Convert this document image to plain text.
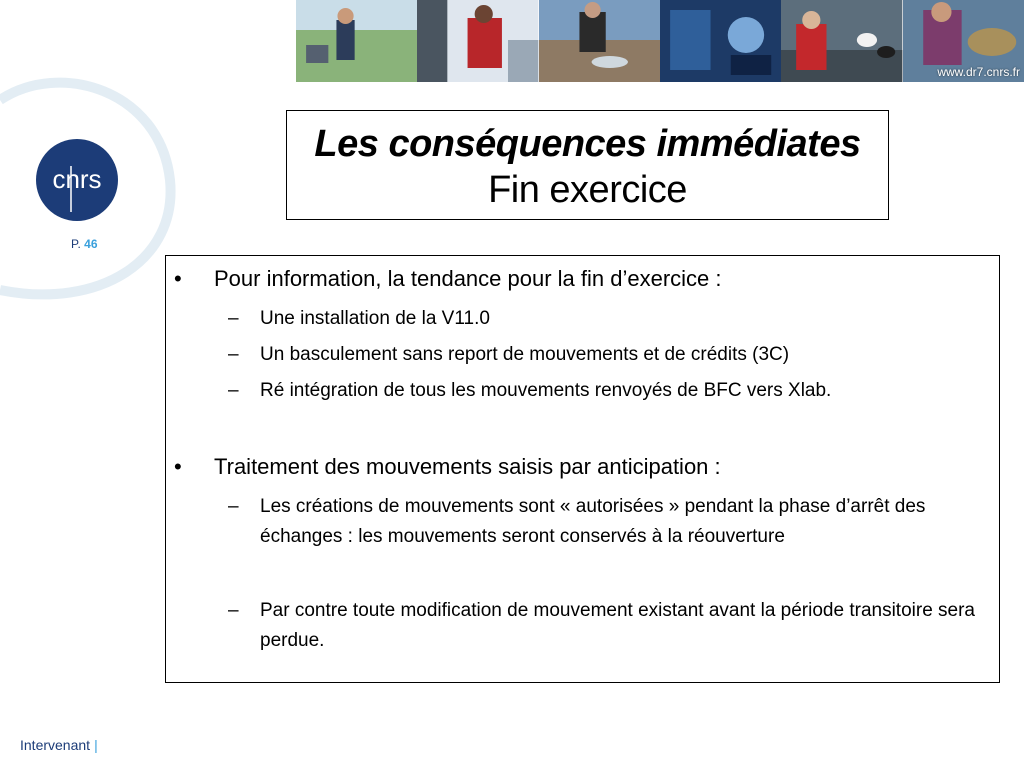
www.dr7.cnrs.fr
cnrs
P. 46
Les conséquences immédiates
Fin exercice
• Pour information, la tendance pour la fin d’exercice :
– Une installation de la V11.0
– Un basculement sans report de mouvements et de crédits (3C)
– Ré intégration de tous les mouvements renvoyés de BFC vers Xlab.
• Traitement des mouvements saisis par anticipation :
– Les créations de mouvements sont « autorisées » pendant la phase d’arrêt des échanges : les mouvements seront conservés à la réouverture
– Par contre toute modification de mouvement existant avant la période transitoire sera perdue.
Intervenant |
